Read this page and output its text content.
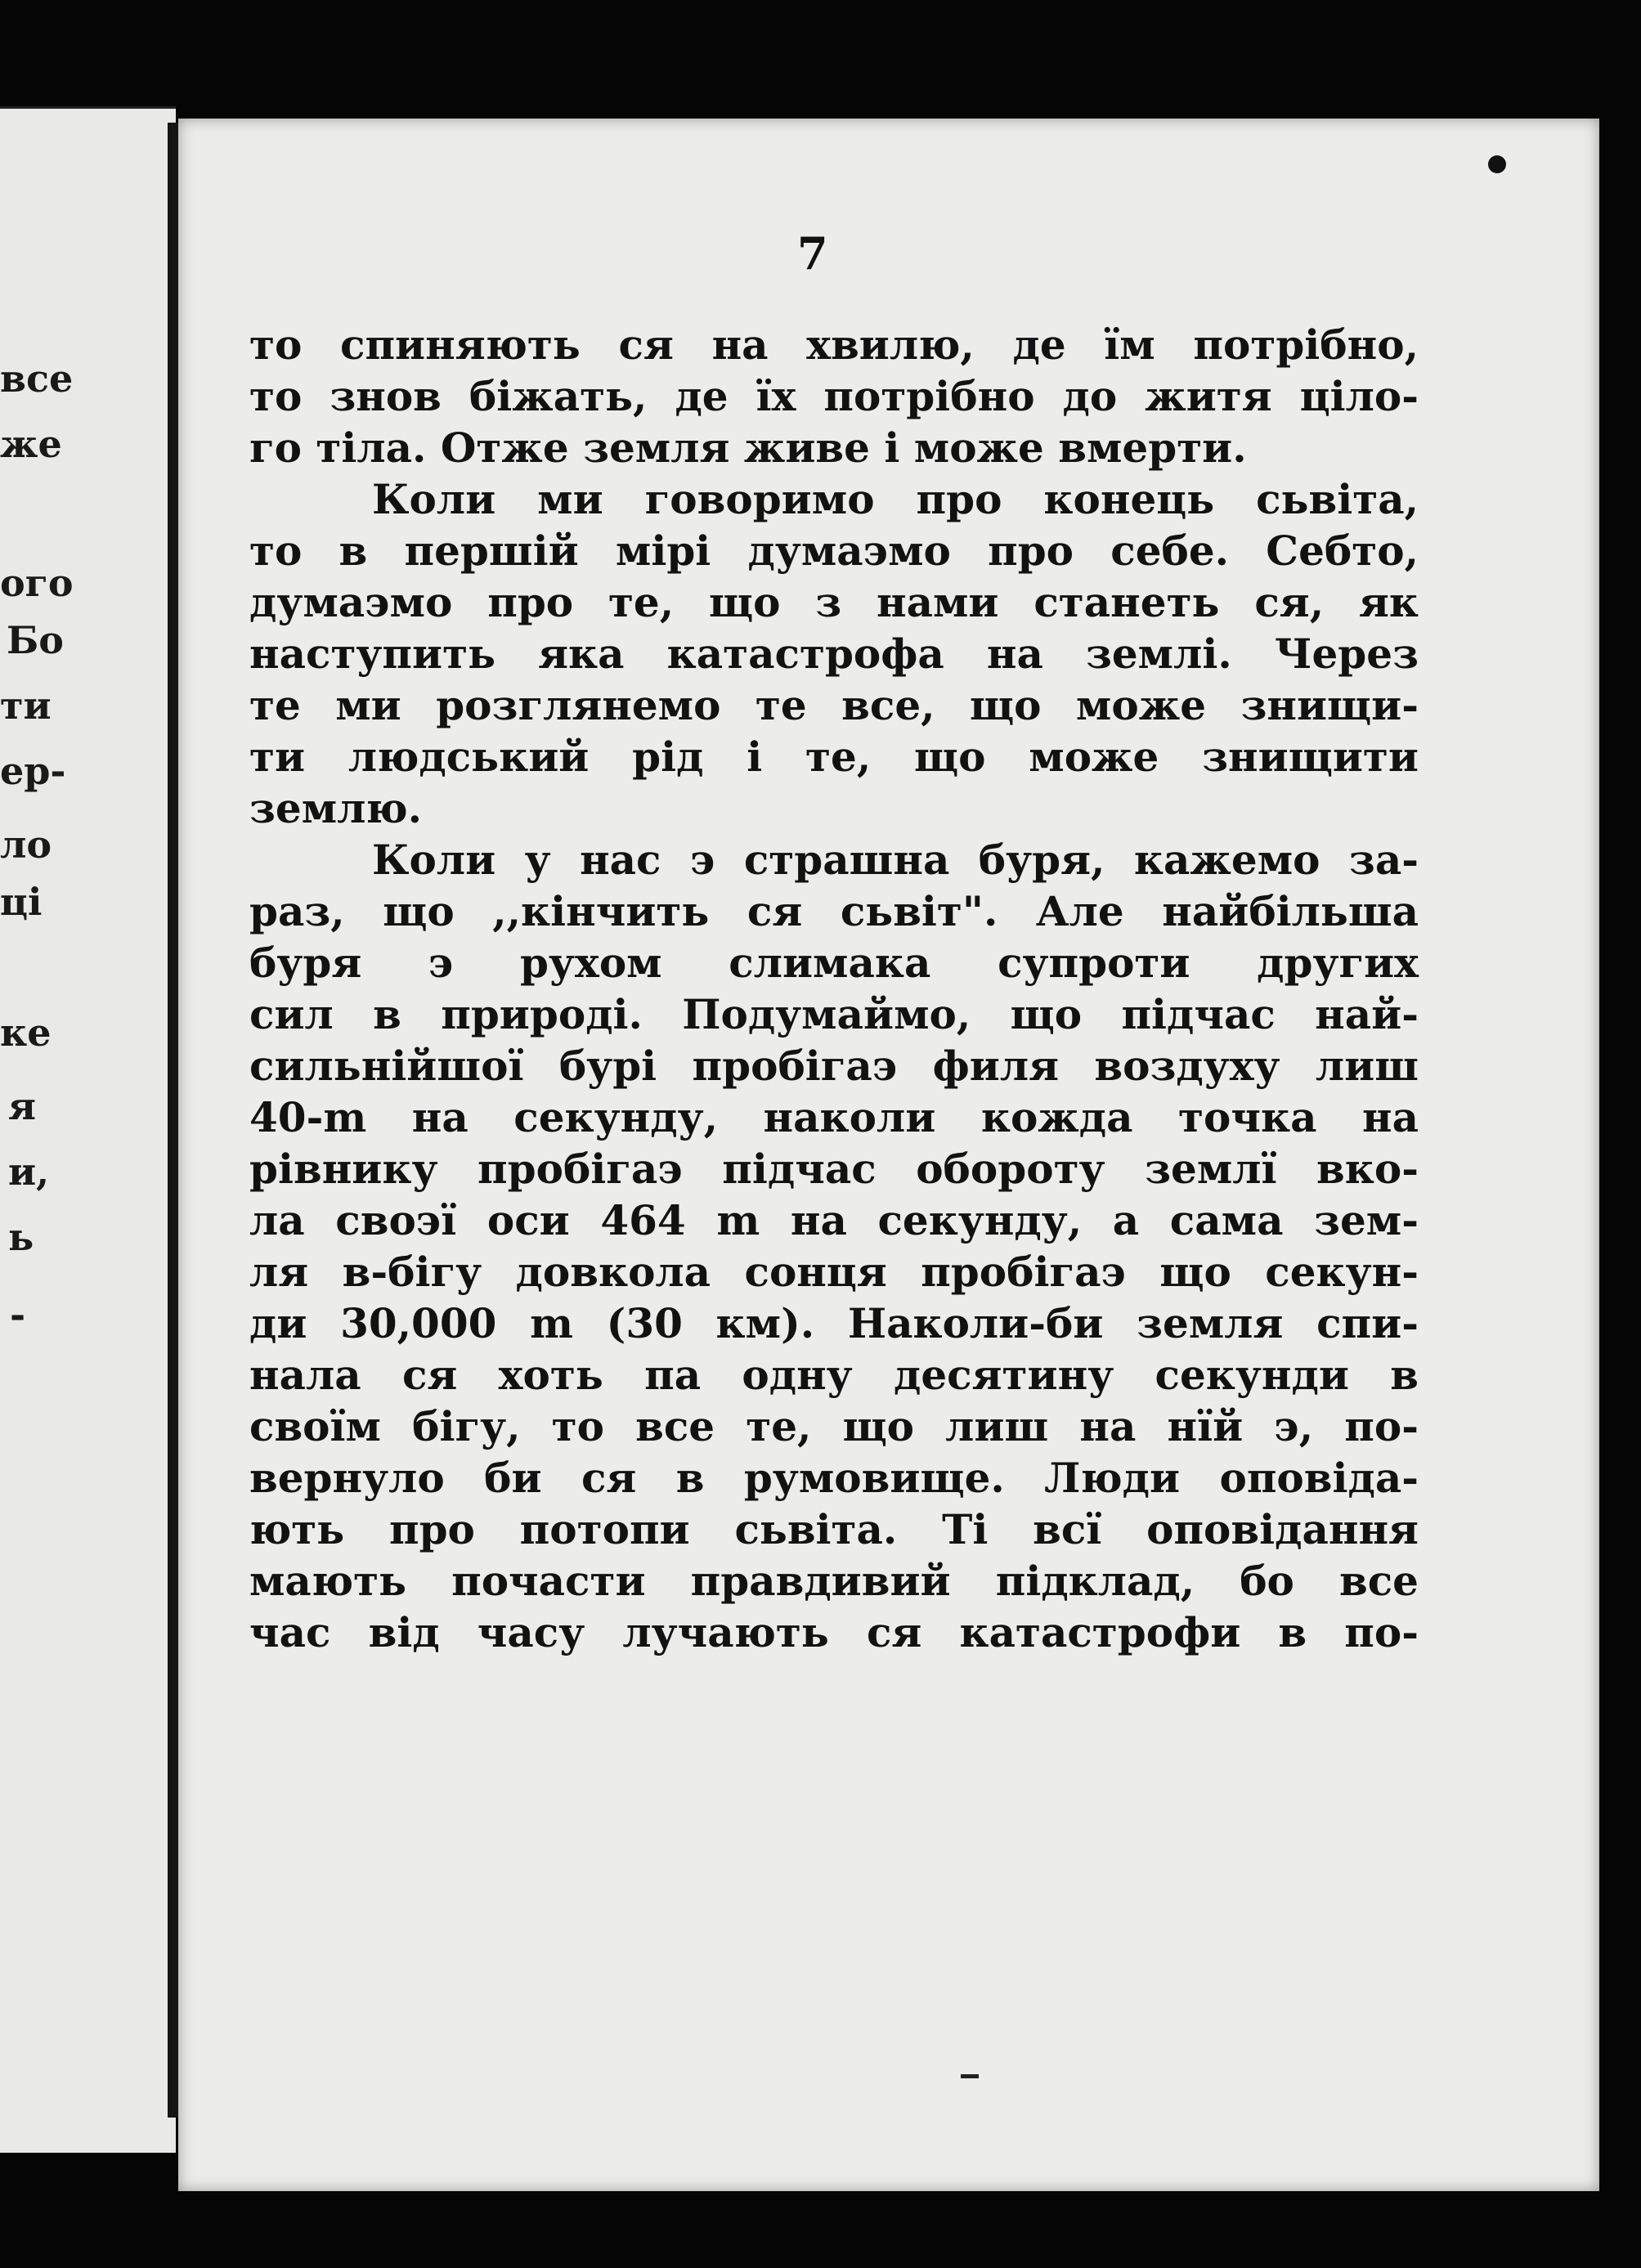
все
же
ого
Бо
ти
ер-
ло
ці
ке
я
и,
ь
-
7
то спиняють ся на хвилю, де їм потрібно,
то знов біжать, де їх потрібно до житя цілo-
го тіла. Отже земля живе і може вмерти.
Коли ми говоримо про конець сьвіта,
то в першій мірі думаэмо про себе. Себто,
думаэмо про те, що з нами станеть ся, як
наступить яка катастрофа на землі. Через
те ми розглянемо те все, що може знищи-
ти людський рід і те, що може знищити
землю.
Коли у нас э страшна буря, кажемо за-
раз, що ,,кінчить ся сьвіт". Але найбільша
буря э рухом слимака супроти других
сил в природі. Подумаймо, що підчас най-
сильнійшої бурі пробігаэ филя воздуху лиш
40-m на секунду, наколи кожда точка на
рівнику пробігаэ підчас обороту землї вко-
ла своэї оси 464 m на секунду, а сама зем-
ля в-бігу довкола сонця пробігаэ що секун-
ди 30,000 m (30 км). Наколи-би земля спи-
нала ся хоть па одну десятину секунди в
своїм бігу, то все те, що лиш на нїй э, по-
вернуло би ся в румовище. Люди оповіда-
ють про потопи сьвіта. Ті всї оповідання
мають почасти правдивий підклад, бо все
час від часу лучають ся катастрофи в по-
